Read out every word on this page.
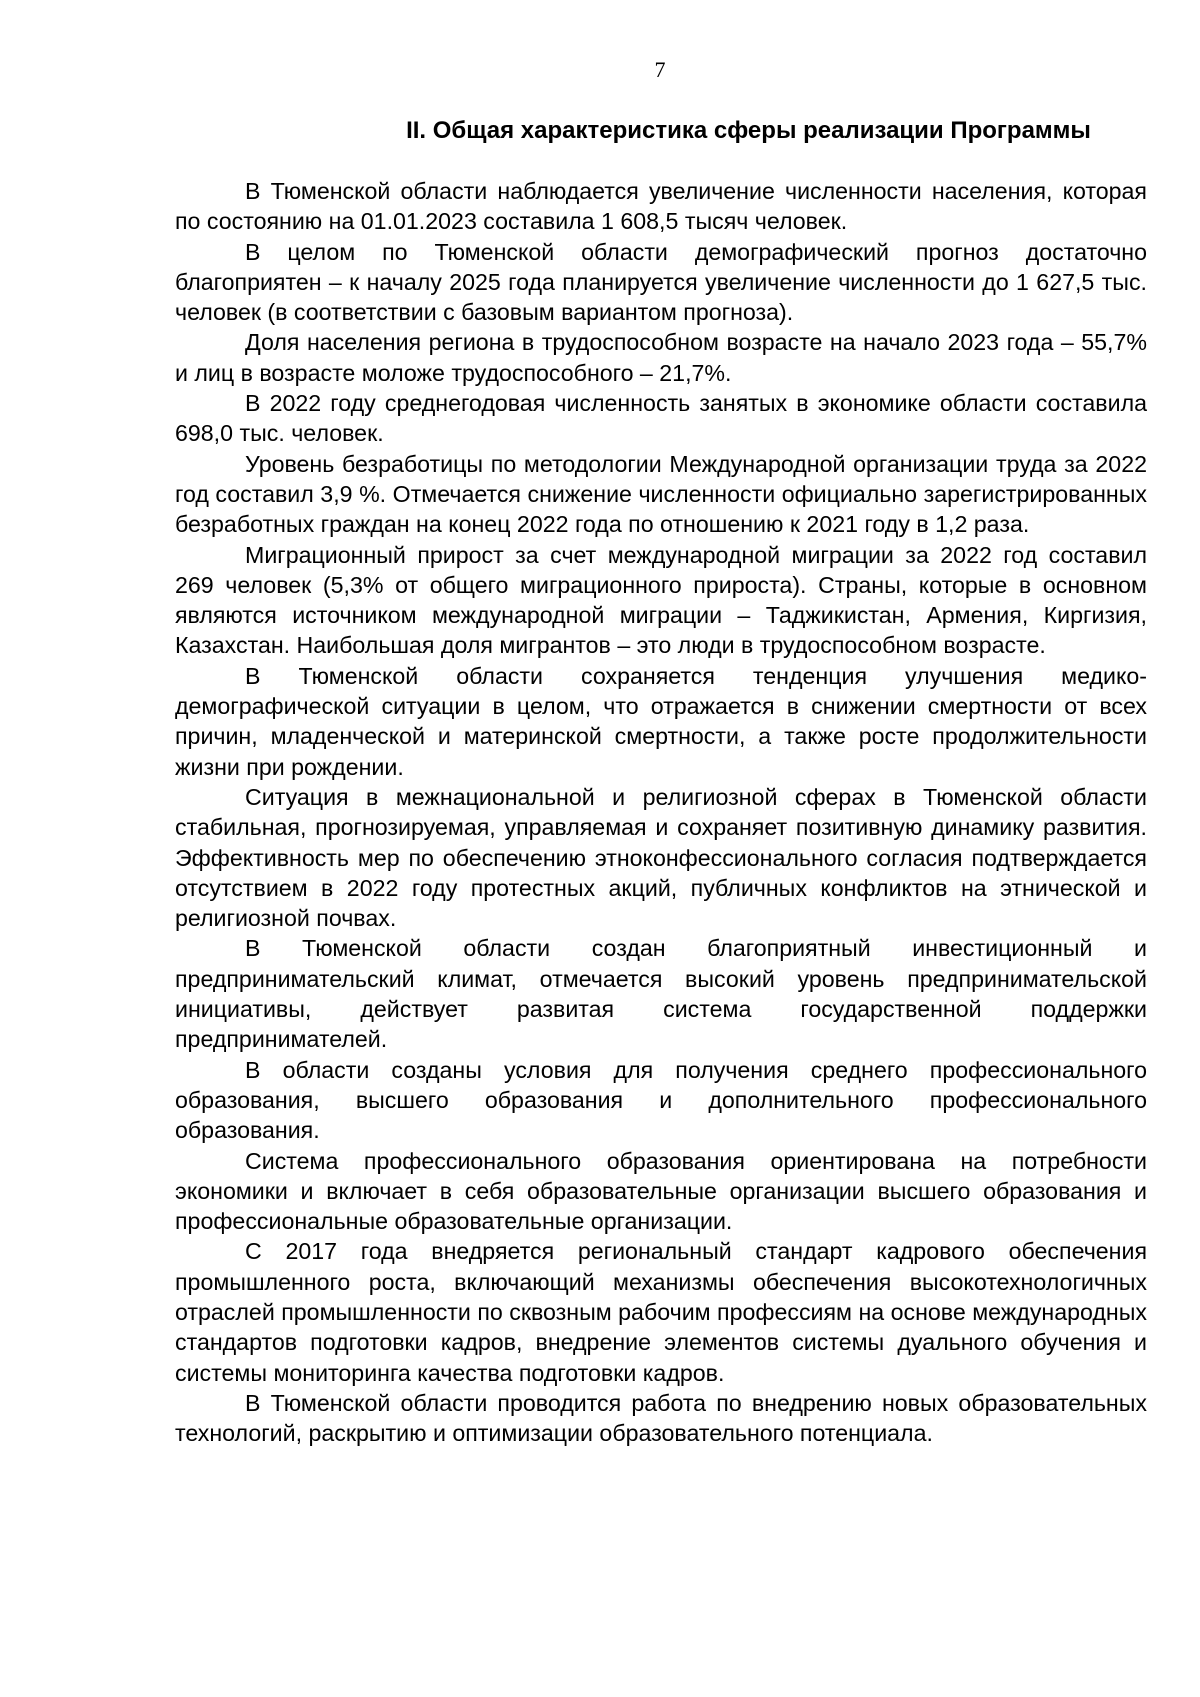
7
II. Общая характеристика сферы реализации Программы

В Тюменской области наблюдается увеличение численности населения, которая по состоянию на 01.01.2023 составила 1 608,5 тысяч человек.

В целом по Тюменской области демографический прогноз достаточно благоприятен – к началу 2025 года планируется увеличение численности до 1 627,5 тыс. человек (в соответствии с базовым вариантом прогноза).

Доля населения региона в трудоспособном возрасте на начало 2023 года – 55,7% и лиц в возрасте моложе трудоспособного – 21,7%.

В 2022 году среднегодовая численность занятых в экономике области составила 698,0 тыс. человек.

Уровень безработицы по методологии Международной организации труда за 2022 год составил 3,9 %. Отмечается снижение численности официально зарегистрированных безработных граждан на конец 2022 года по отношению к 2021 году в 1,2 раза.

Миграционный прирост за счет международной миграции за 2022 год составил 269 человек (5,3% от общего миграционного прироста). Страны, которые в основном являются источником международной миграции – Таджикистан, Армения, Киргизия, Казахстан. Наибольшая доля мигрантов – это люди в трудоспособном возрасте.

В Тюменской области сохраняется тенденция улучшения медико-демографической ситуации в целом, что отражается в снижении смертности от всех причин, младенческой и материнской смертности, а также росте продолжительности жизни при рождении.

Ситуация в межнациональной и религиозной сферах в Тюменской области стабильная, прогнозируемая, управляемая и сохраняет позитивную динамику развития. Эффективность мер по обеспечению этноконфессионального согласия подтверждается отсутствием в 2022 году протестных акций, публичных конфликтов на этнической и религиозной почвах.

В Тюменской области создан благоприятный инвестиционный и предпринимательский климат, отмечается высокий уровень предпринимательской инициативы, действует развитая система государственной поддержки предпринимателей.

В области созданы условия для получения среднего профессионального образования, высшего образования и дополнительного профессионального образования.

Система профессионального образования ориентирована на потребности экономики и включает в себя образовательные организации высшего образования и профессиональные образовательные организации.

С 2017 года внедряется региональный стандарт кадрового обеспечения промышленного роста, включающий механизмы обеспечения высокотехнологичных отраслей промышленности по сквозным рабочим профессиям на основе международных стандартов подготовки кадров, внедрение элементов системы дуального обучения и системы мониторинга качества подготовки кадров.

В Тюменской области проводится работа по внедрению новых образовательных технологий, раскрытию и оптимизации образовательного потенциала.
